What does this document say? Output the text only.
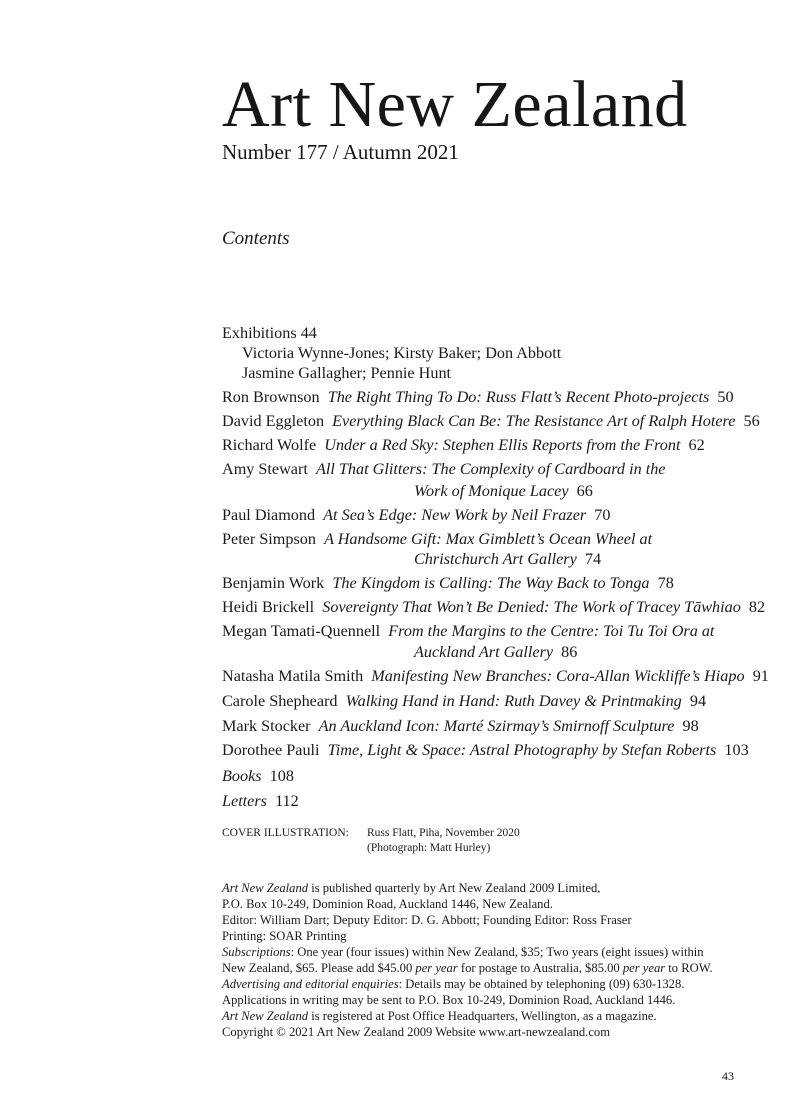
Art New Zealand
Number 177 / Autumn 2021
Contents
Exhibitions 44
Victoria Wynne-Jones; Kirsty Baker; Don Abbott
Jasmine Gallagher; Pennie Hunt
Ron Brownson The Right Thing To Do: Russ Flatt’s Recent Photo-projects 50
David Eggleton Everything Black Can Be: The Resistance Art of Ralph Hotere 56
Richard Wolfe Under a Red Sky: Stephen Ellis Reports from the Front 62
Amy Stewart All That Glitters: The Complexity of Cardboard in the
Work of Monique Lacey 66
Paul Diamond At Sea’s Edge: New Work by Neil Frazer 70
Peter Simpson A Handsome Gift: Max Gimblett’s Ocean Wheel at
Christchurch Art Gallery 74
Benjamin Work The Kingdom is Calling: The Way Back to Tonga 78
Heidi Brickell Sovereignty That Won’t Be Denied: The Work of Tracey Tāwhiao 82
Megan Tamati-Quennell From the Margins to the Centre: Toi Tu Toi Ora at
Auckland Art Gallery 86
Natasha Matila Smith Manifesting New Branches: Cora-Allan Wickliffe’s Hiapo 91
Carole Shepheard Walking Hand in Hand: Ruth Davey & Printmaking 94
Mark Stocker An Auckland Icon: Marté Szirmay’s Smirnoff Sculpture 98
Dorothee Pauli Time, Light & Space: Astral Photography by Stefan Roberts 103
Books 108
Letters 112
COVER ILLUSTRATION: Russ Flatt, Piha, November 2020
(Photograph: Matt Hurley)
Art New Zealand is published quarterly by Art New Zealand 2009 Limited,
P.O. Box 10-249, Dominion Road, Auckland 1446, New Zealand.
Editor: William Dart; Deputy Editor: D. G. Abbott; Founding Editor: Ross Fraser
Printing: SOAR Printing
Subscriptions: One year (four issues) within New Zealand, $35; Two years (eight issues) within
New Zealand, $65. Please add $45.00 per year for postage to Australia, $85.00 per year to ROW.
Advertising and editorial enquiries: Details may be obtained by telephoning (09) 630-1328.
Applications in writing may be sent to P.O. Box 10-249, Dominion Road, Auckland 1446.
Art New Zealand is registered at Post Office Headquarters, Wellington, as a magazine.
Copyright © 2021 Art New Zealand 2009 Website www.art-newzealand.com
43
